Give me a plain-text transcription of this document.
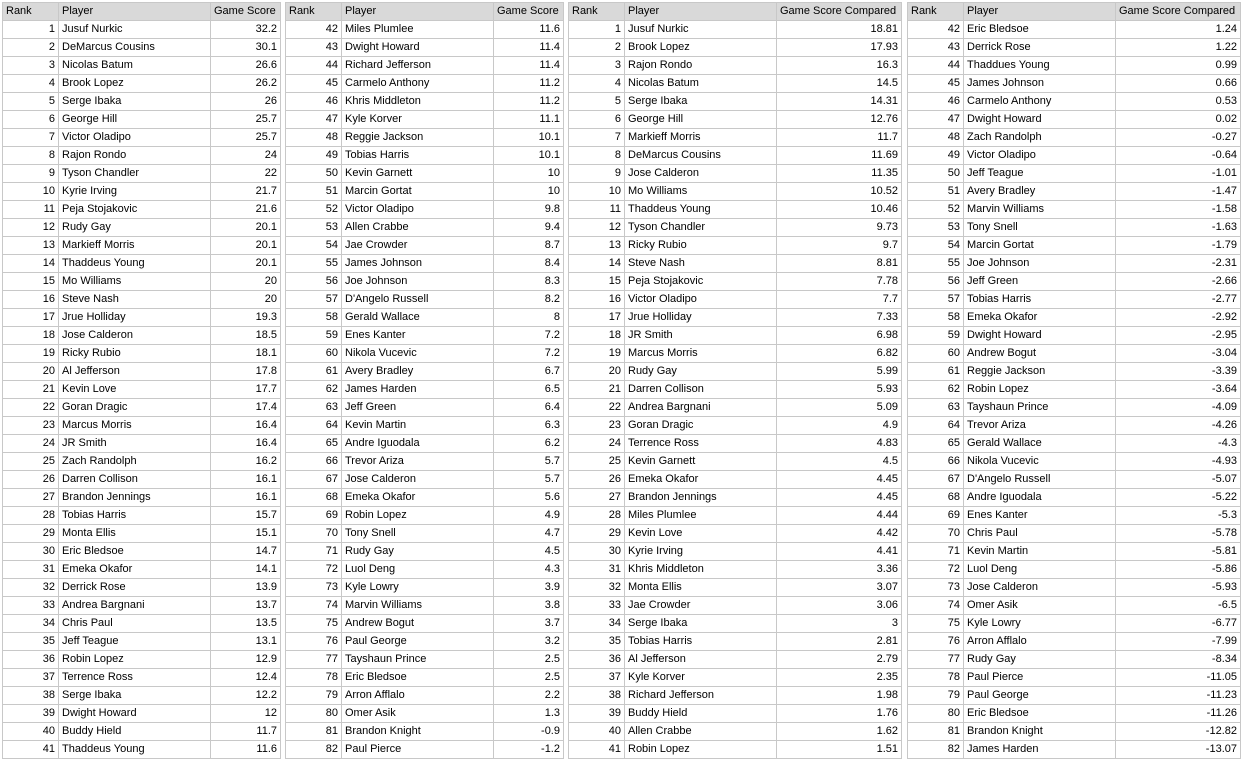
Rank	Player	Game Score
1	Jusuf Nurkic	32.2
2	DeMarcus Cousins	30.1
3	Nicolas Batum	26.6
4	Brook Lopez	26.2
5	Serge Ibaka	26
6	George Hill	25.7
7	Victor Oladipo	25.7
8	Rajon Rondo	24
9	Tyson Chandler	22
10	Kyrie Irving	21.7
11	Peja Stojakovic	21.6
12	Rudy Gay	20.1
13	Markieff Morris	20.1
14	Thaddeus Young	20.1
15	Mo Williams	20
16	Steve Nash	20
17	Jrue Holliday	19.3
18	Jose Calderon	18.5
19	Ricky Rubio	18.1
20	Al Jefferson	17.8
21	Kevin Love	17.7
22	Goran Dragic	17.4
23	Marcus Morris	16.4
24	JR Smith	16.4
25	Zach Randolph	16.2
26	Darren Collison	16.1
27	Brandon Jennings	16.1
28	Tobias Harris	15.7
29	Monta Ellis	15.1
30	Eric Bledsoe	14.7
31	Emeka Okafor	14.1
32	Derrick Rose	13.9
33	Andrea Bargnani	13.7
34	Chris Paul	13.5
35	Jeff Teague	13.1
36	Robin Lopez	12.9
37	Terrence Ross	12.4
38	Serge Ibaka	12.2
39	Dwight Howard	12
40	Buddy Hield	11.7
41	Thaddeus Young	11.6
Rank	Player	Game Score
42	Miles Plumlee	11.6
43	Dwight Howard	11.4
44	Richard Jefferson	11.4
45	Carmelo Anthony	11.2
46	Khris Middleton	11.2
47	Kyle Korver	11.1
48	Reggie Jackson	10.1
49	Tobias Harris	10.1
50	Kevin Garnett	10
51	Marcin Gortat	10
52	Victor Oladipo	9.8
53	Allen Crabbe	9.4
54	Jae Crowder	8.7
55	James Johnson	8.4
56	Joe Johnson	8.3
57	D'Angelo Russell	8.2
58	Gerald Wallace	8
59	Enes Kanter	7.2
60	Nikola Vucevic	7.2
61	Avery Bradley	6.7
62	James Harden	6.5
63	Jeff Green	6.4
64	Kevin Martin	6.3
65	Andre Iguodala	6.2
66	Trevor Ariza	5.7
67	Jose Calderon	5.7
68	Emeka Okafor	5.6
69	Robin Lopez	4.9
70	Tony Snell	4.7
71	Rudy Gay	4.5
72	Luol Deng	4.3
73	Kyle Lowry	3.9
74	Marvin Williams	3.8
75	Andrew Bogut	3.7
76	Paul George	3.2
77	Tayshaun Prince	2.5
78	Eric Bledsoe	2.5
79	Arron Afflalo	2.2
80	Omer Asik	1.3
81	Brandon Knight	-0.9
82	Paul Pierce	-1.2
Rank	Player	Game Score Compared
1	Jusuf Nurkic	18.81
2	Brook Lopez	17.93
3	Rajon Rondo	16.3
4	Nicolas Batum	14.5
5	Serge Ibaka	14.31
6	George Hill	12.76
7	Markieff Morris	11.7
8	DeMarcus Cousins	11.69
9	Jose Calderon	11.35
10	Mo Williams	10.52
11	Thaddeus Young	10.46
12	Tyson Chandler	9.73
13	Ricky Rubio	9.7
14	Steve Nash	8.81
15	Peja Stojakovic	7.78
16	Victor Oladipo	7.7
17	Jrue Holliday	7.33
18	JR Smith	6.98
19	Marcus Morris	6.82
20	Rudy Gay	5.99
21	Darren Collison	5.93
22	Andrea Bargnani	5.09
23	Goran Dragic	4.9
24	Terrence Ross	4.83
25	Kevin Garnett	4.5
26	Emeka Okafor	4.45
27	Brandon Jennings	4.45
28	Miles Plumlee	4.44
29	Kevin Love	4.42
30	Kyrie Irving	4.41
31	Khris Middleton	3.36
32	Monta Ellis	3.07
33	Jae Crowder	3.06
34	Serge Ibaka	3
35	Tobias Harris	2.81
36	Al Jefferson	2.79
37	Kyle Korver	2.35
38	Richard Jefferson	1.98
39	Buddy Hield	1.76
40	Allen Crabbe	1.62
41	Robin Lopez	1.51
Rank	Player	Game Score Compared
42	Eric Bledsoe	1.24
43	Derrick Rose	1.22
44	Thaddues Young	0.99
45	James Johnson	0.66
46	Carmelo Anthony	0.53
47	Dwight Howard	0.02
48	Zach Randolph	-0.27
49	Victor Oladipo	-0.64
50	Jeff Teague	-1.01
51	Avery Bradley	-1.47
52	Marvin Williams	-1.58
53	Tony Snell	-1.63
54	Marcin Gortat	-1.79
55	Joe Johnson	-2.31
56	Jeff Green	-2.66
57	Tobias Harris	-2.77
58	Emeka Okafor	-2.92
59	Dwight Howard	-2.95
60	Andrew Bogut	-3.04
61	Reggie Jackson	-3.39
62	Robin Lopez	-3.64
63	Tayshaun Prince	-4.09
64	Trevor Ariza	-4.26
65	Gerald Wallace	-4.3
66	Nikola Vucevic	-4.93
67	D'Angelo Russell	-5.07
68	Andre Iguodala	-5.22
69	Enes Kanter	-5.3
70	Chris Paul	-5.78
71	Kevin Martin	-5.81
72	Luol Deng	-5.86
73	Jose Calderon	-5.93
74	Omer Asik	-6.5
75	Kyle Lowry	-6.77
76	Arron Afflalo	-7.99
77	Rudy Gay	-8.34
78	Paul Pierce	-11.05
79	Paul George	-11.23
80	Eric Bledsoe	-11.26
81	Brandon Knight	-12.82
82	James Harden	-13.07
